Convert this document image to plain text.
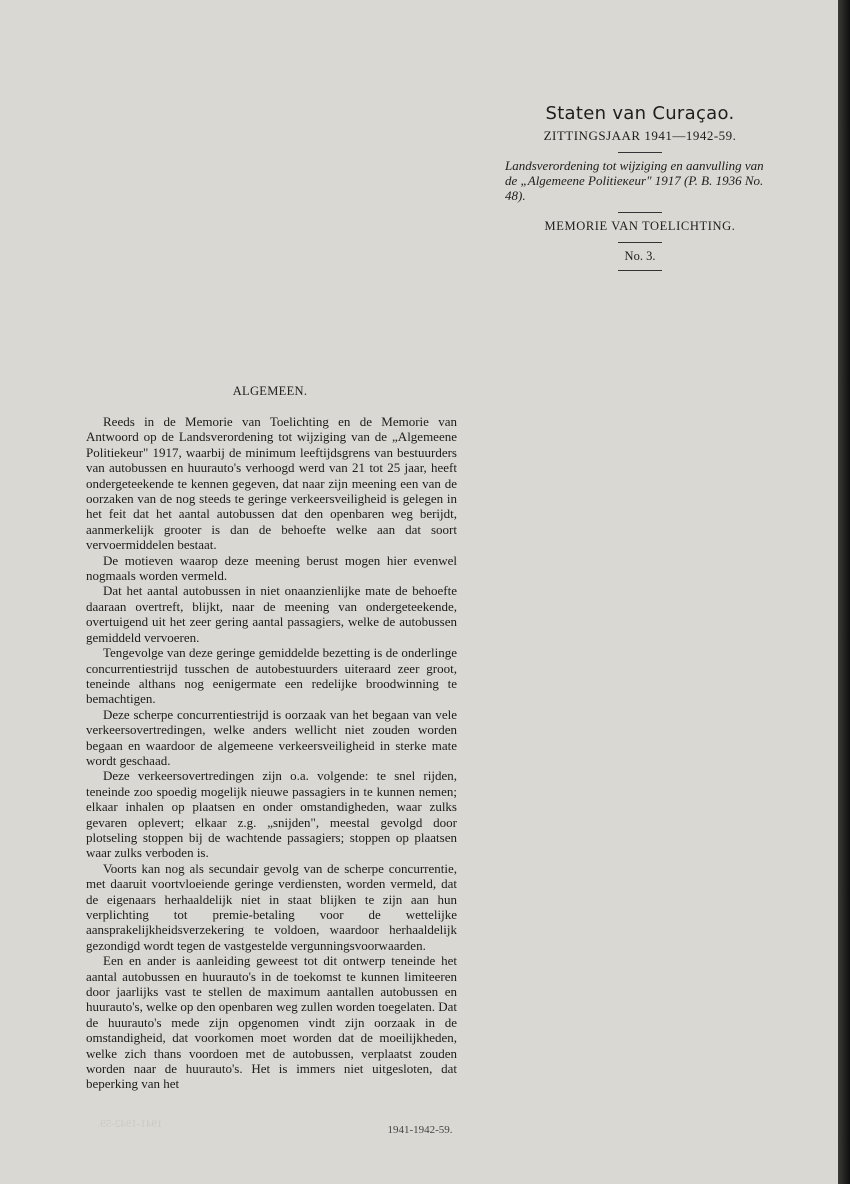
Staten van Curaçao.
ZITTINGSJAAR 1941—1942-59.
Landsverordening tot wijziging en aanvulling van de „Algemeene Politieкeur" 1917 (P. B. 1936 No. 48).
MEMORIE VAN TOELICHTING.
No. 3.
ALGEMEEN.

Reeds in de Memorie van Toelichting en de Memorie van Antwoord op de Landsverordening tot wijziging van de „Algemeene Politiekeur" 1917, waarbij de minimum leeftijdsgrens van bestuurders van autobussen en huurauto's verhoogd werd van 21 tot 25 jaar, heeft ondergeteekende te kennen gegeven, dat naar zijn meening een van de oorzaken van de nog steeds te geringe verkeersveiligheid is gelegen in het feit dat het aantal autobussen dat den openbaren weg berijdt, aanmerkelijk grooter is dan de behoefte welke aan dat soort vervoermiddelen bestaat.

De motieven waarop deze meening berust mogen hier evenwel nogmaals worden vermeld.

Dat het aantal autobussen in niet onaanzienlijke mate de behoefte daaraan overtreft, blijkt, naar de meening van ondergeteekende, overtuigend uit het zeer gering aantal passagiers, welke de autobussen gemiddeld vervoeren.

Tengevolge van deze geringe gemiddelde bezetting is de onderlinge concurrentiestrijd tusschen de autobestuurders uiteraard zeer groot, teneinde althans nog eenigermate een redelijke broodwinning te bemachtigen.

Deze scherpe concurrentiestrijd is oorzaak van het begaan van vele verkeersovertredingen, welke anders wellicht niet zouden worden begaan en waardoor de algemeene verkeersveiligheid in sterke mate wordt geschaad.

Deze verkeersovertredingen zijn o.a. volgende: te snel rijden, teneinde zoo spoedig mogelijk nieuwe passagiers in te kunnen nemen; elkaar inhalen op plaatsen en onder omstandigheden, waar zulks gevaren oplevert; elkaar z.g. „snijden", meestal gevolgd door plotseling stoppen bij de wachtende passagiers; stoppen op plaatsen waar zulks verboden is.

Voorts kan nog als secundair gevolg van de scherpe concurrentie, met daaruit voortvloeiende geringe verdiensten, worden vermeld, dat de eigenaars herhaaldelijk niet in staat blijken te zijn aan hun verplichting tot premie-betaling voor de wettelijke aansprakelijkheidsverzekering te voldoen, waardoor herhaaldelijk gezondigd wordt tegen de vastgestelde vergunningsvoorwaarden.

Een en ander is aanleiding geweest tot dit ontwerp teneinde het aantal autobussen en huurauto's in de toekomst te kunnen limiteeren door jaarlijks vast te stellen de maximum aantallen autobussen en huurauto's, welke op den openbaren weg zullen worden toegelaten. Dat de huurauto's mede zijn opgenomen vindt zijn oorzaak in de omstandigheid, dat voorkomen moet worden dat de moeilijkheden, welke zich thans voordoen met de autobussen, verplaatst zouden worden naar de huurauto's. Het is immers niet uitgesloten, dat beperking van het

1941-1942-59.	1941-1942-59.
